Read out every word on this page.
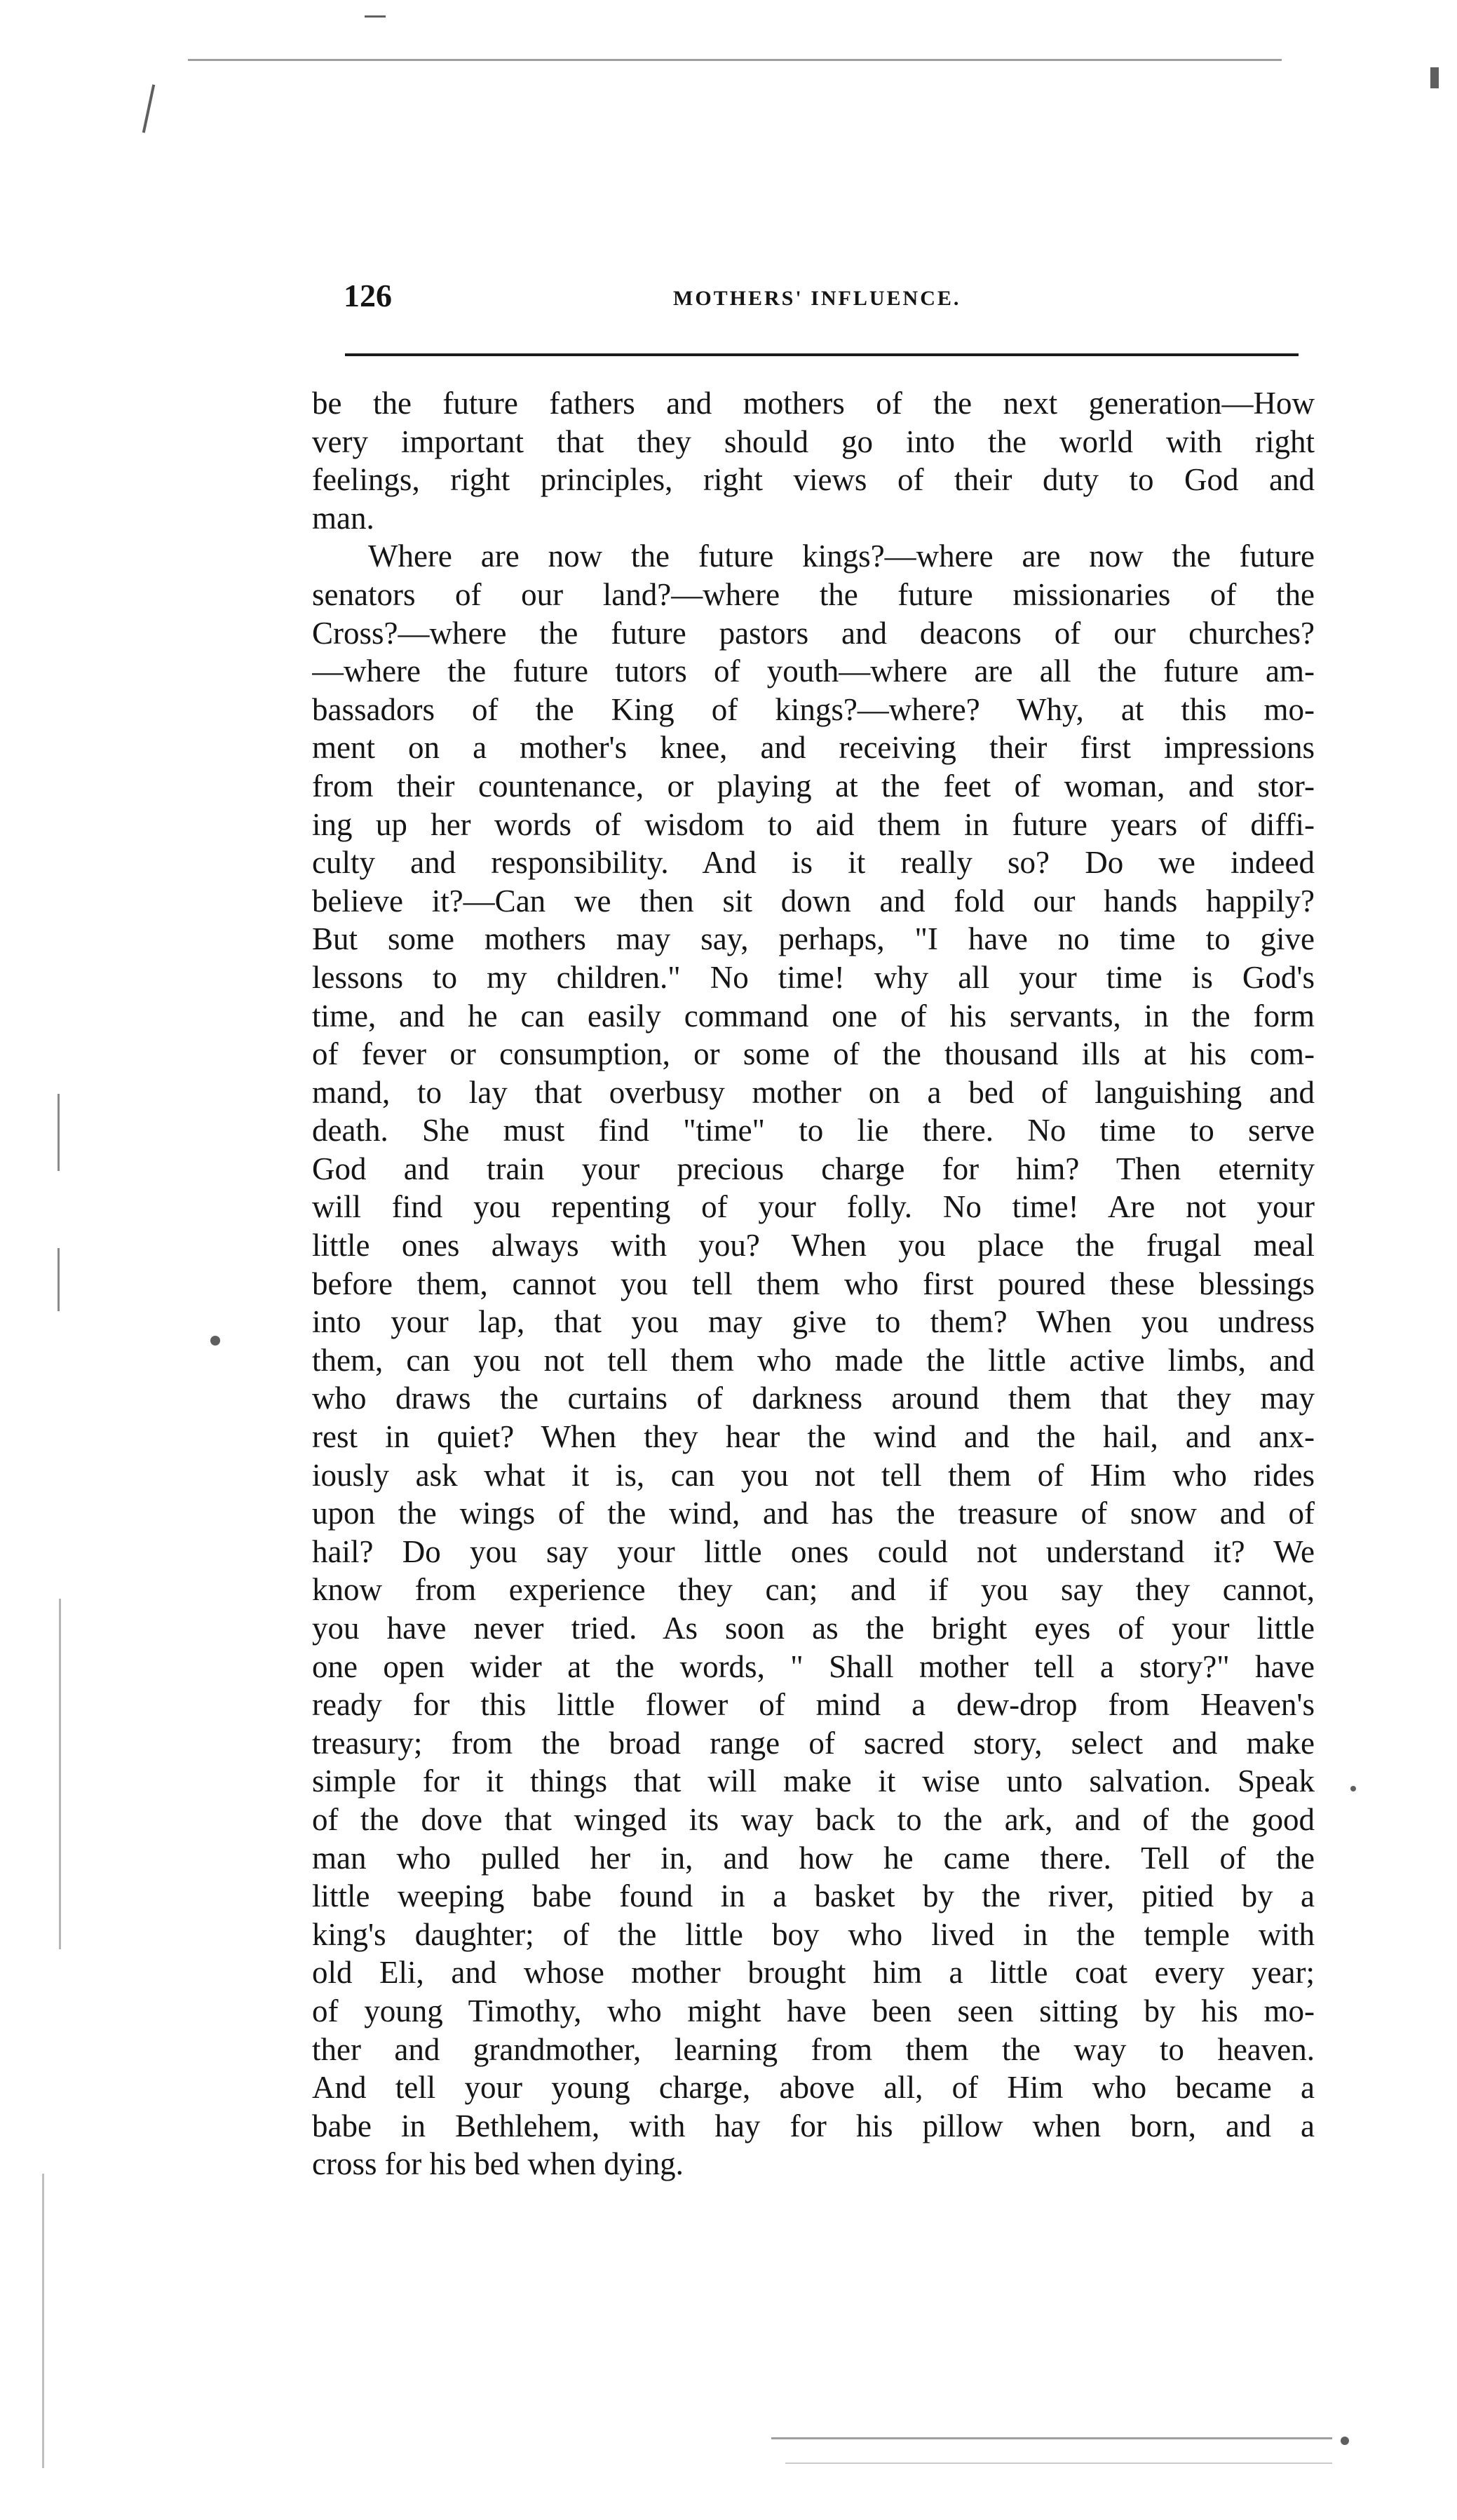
126	MOTHERS' INFLUENCE.
be the future fathers and mothers of the next generation—How
very important that they should go into the world with right
feelings, right principles, right views of their duty to God and
man.
Where are now the future kings?—where are now the future
senators of our land?—where the future missionaries of the
Cross?—where the future pastors and deacons of our churches?
—where the future tutors of youth—where are all the future am-
bassadors of the King of kings?—where? Why, at this mo-
ment on a mother's knee, and receiving their first impressions
from their countenance, or playing at the feet of woman, and stor-
ing up her words of wisdom to aid them in future years of diffi-
culty and responsibility. And is it really so? Do we indeed
believe it?—Can we then sit down and fold our hands happily?
But some mothers may say, perhaps, "I have no time to give
lessons to my children." No time! why all your time is God's
time, and he can easily command one of his servants, in the form
of fever or consumption, or some of the thousand ills at his com-
mand, to lay that overbusy mother on a bed of languishing and
death. She must find "time" to lie there. No time to serve
God and train your precious charge for him? Then eternity
will find you repenting of your folly. No time! Are not your
little ones always with you? When you place the frugal meal
before them, cannot you tell them who first poured these blessings
into your lap, that you may give to them? When you undress
them, can you not tell them who made the little active limbs, and
who draws the curtains of darkness around them that they may
rest in quiet? When they hear the wind and the hail, and anx-
iously ask what it is, can you not tell them of Him who rides
upon the wings of the wind, and has the treasure of snow and of
hail? Do you say your little ones could not understand it? We
know from experience they can; and if you say they cannot,
you have never tried. As soon as the bright eyes of your little
one open wider at the words, " Shall mother tell a story?" have
ready for this little flower of mind a dew-drop from Heaven's
treasury; from the broad range of sacred story, select and make
simple for it things that will make it wise unto salvation. Speak
of the dove that winged its way back to the ark, and of the good
man who pulled her in, and how he came there. Tell of the
little weeping babe found in a basket by the river, pitied by a
king's daughter; of the little boy who lived in the temple with
old Eli, and whose mother brought him a little coat every year;
of young Timothy, who might have been seen sitting by his mo-
ther and grandmother, learning from them the way to heaven.
And tell your young charge, above all, of Him who became a
babe in Bethlehem, with hay for his pillow when born, and a
cross for his bed when dying.
